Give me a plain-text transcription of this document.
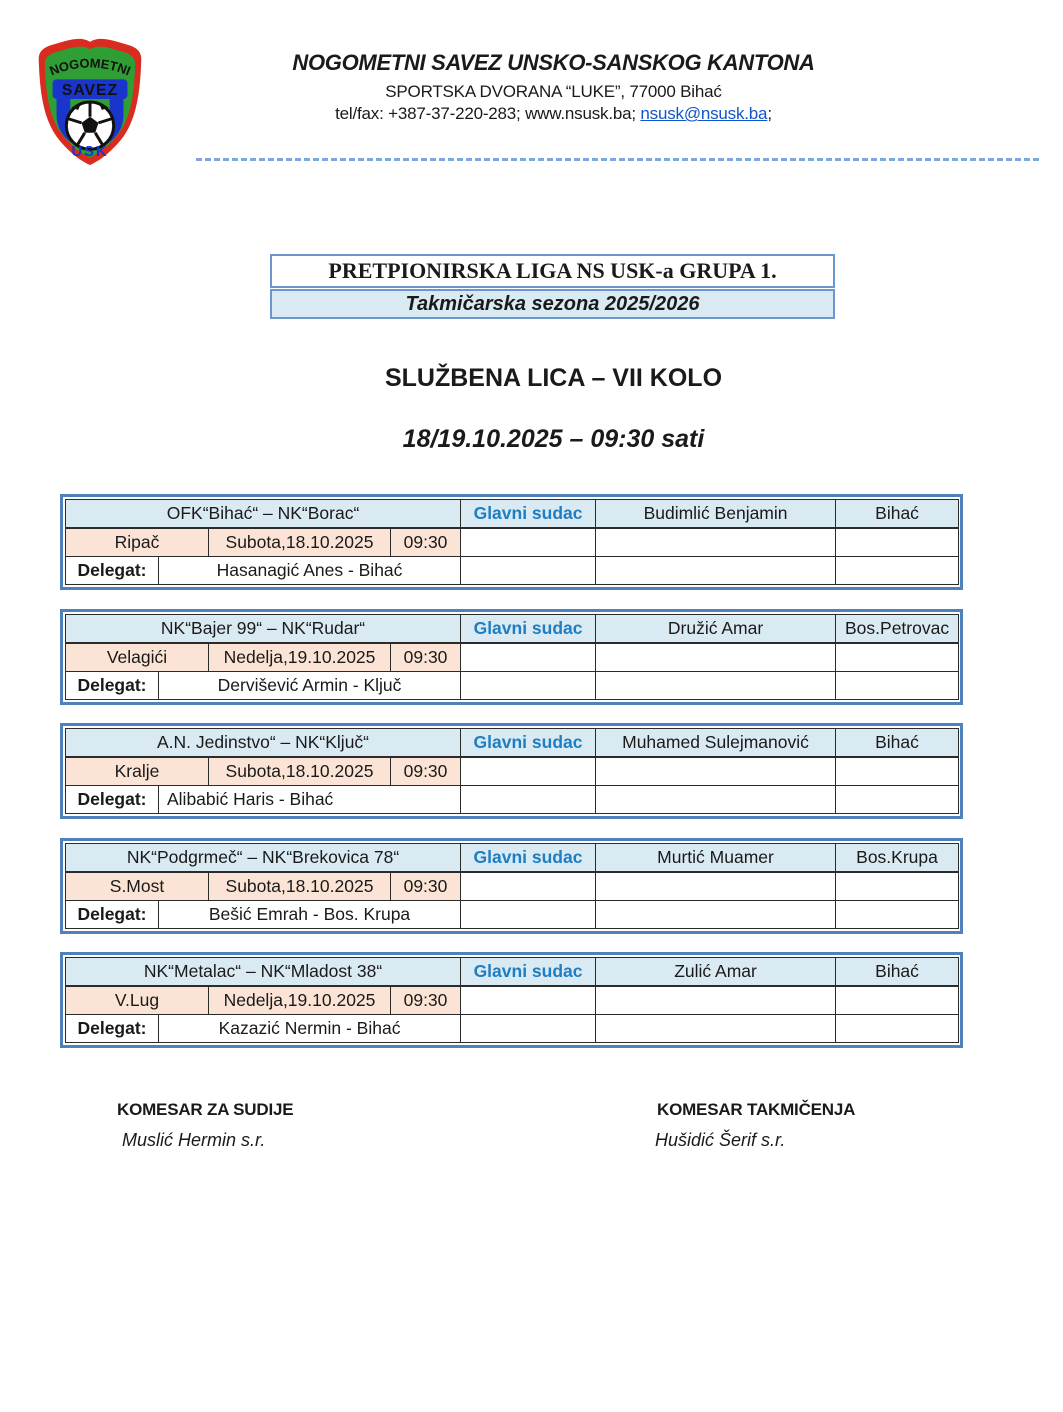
NOGOMETNI
SAVEZ
USK
NOGOMETNI SAVEZ UNSKO-SANSKOG KANTONA
SPORTSKA DVORANA “LUKE”, 77000 Bihać
tel/fax: +387-37-220-283; www.nsusk.ba; nsusk@nsusk.ba;
PRETPIONIRSKA LIGA NS USK-a GRUPA 1.
Takmičarska sezona 2025/2026
SLUŽBENA LICA – VII KOLO
18/19.10.2025 – 09:30 sati
OFK“Bihać“ – NK“Borac“				Glavni sudac	Budimlić Benjamin	Bihać
Ripač		Subota,18.10.2025	09:30			
Delegat:	Hasanagić Anes - Bihać					
NK“Bajer 99“ – NK“Rudar“				Glavni sudac	Družić Amar	Bos.Petrovac
Velagići		Nedelja,19.10.2025	09:30			
Delegat:	Dervišević Armin - Ključ					
A.N. Jedinstvo“ – NK“Ključ“				Glavni sudac	Muhamed Sulejmanović	Bihać
Kralje		Subota,18.10.2025	09:30			
Delegat:	Alibabić Haris - Bihać					
NK“Podgrmeč“ – NK“Brekovica 78“				Glavni sudac	Murtić Muamer	Bos.Krupa
S.Most		Subota,18.10.2025	09:30			
Delegat:	Bešić Emrah - Bos. Krupa					
NK“Metalac“ – NK“Mladost 38“				Glavni sudac	Zulić Amar	Bihać
V.Lug		Nedelja,19.10.2025	09:30			
Delegat:	Kazazić Nermin - Bihać					
KOMESAR ZA SUDIJE
Muslić Hermin s.r.
KOMESAR TAKMIČENJA
Hušidić Šerif s.r.
